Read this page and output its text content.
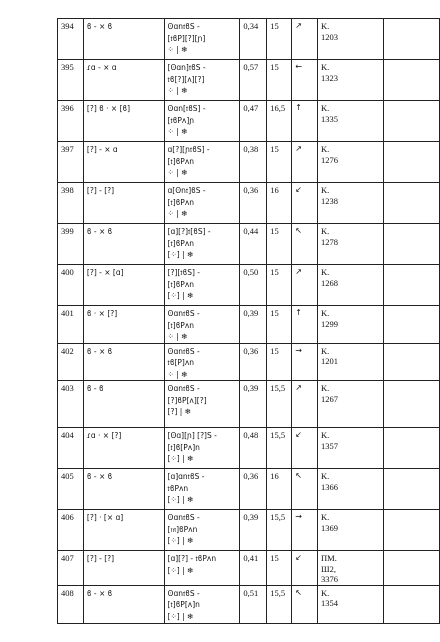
394	ϐ - × ϐ	ʘɑn𝔱ϐS -
[𝔱ϐP][?][ɲ]
⁘ | ❄	0,34	15	↗	K.
1203	

395	ɾɑ - × ɑ	[ʘɑn]𝔱ϐS -
𝔱ϐ[?][ʌ][?]
⁘ | ❄	0,57	15	←	K.
1323	

396	[?] ϐ · × [ϐ]	ʘɑn[𝔱ϐS] -
[𝔱ϐPʌ]ɲ
⁘ | ❄	0,47	16,5	↑	K.
1335	

397	[?] - × ɑ	ɑ[?][ɲ𝔱ϐS] -
[𝔱]ϐPʌn
⁘ | ❄	0,38	15	↗	K.
1276	

398	[?] - [?]	ɑ[ʘn𝔱]ϐS -
[𝔱]ϐPʌn
⁘ | ❄	0,36	16	↙	K.
1238	

399	ϐ - × ϐ	[ɑ][?]𝔱[ϐS] -
[𝔱]ϐPʌn
[⁘] | ❄	0,44	15	↖	K.
1278	

400	[?] - × [ɑ]	[?][𝔱ϐS] -
[𝔱]ϐPʌn
[⁘] | ❄	0,50	15	↗	K.
1268	

401	ϐ · × [?]	ʘɑn𝔱ϐS -
[𝔱]ϐPʌn
⁘ | ❄	0,39	15	↑	K.
1299	

402	ϐ - × ϐ	ʘɑn𝔱ϐS -
𝔱ϐ[P]ʌn
⁘ | ❄	0,36	15	→	K.
1201	

403	ϐ - ϐ	ʘɑn𝔱ϐS -
[?]ϐP[ʌ][?]
[?] | ❄	0,39	15,5	↗	K.
1267	

404	ɾɑ · × [?]	[ʘɑ][ɲ] [?]S -
[𝔱]ϐ[Pʌ]n
[⁘] | ❄	0,48	15,5	↙	K.
1357	

405	ϐ - × ϐ	[ɑ]ɑn𝔱ϐS -
𝔱ϐPʌn
[⁘] | ❄	0,36	16	↖	K.
1366	

406	[?] · [× ɑ]	ʘɑn𝔱ϐS -
[𝔪]ϐPʌn
[⁘] | ❄	0,39	15,5	→	K.
1369	

407	[?] - [?]	[ɑ][?] - 𝔱ϐPʌn
[⁘] | ❄	0,41	15	↙	ПМ.
Ш2,
3376	

408	ϐ - × ϐ	ʘɑn𝔱ϐS -
[𝔱]ϐP[ʌ]n
[⁘] | ❄	0,51	15,5	↖	K.
1354	
